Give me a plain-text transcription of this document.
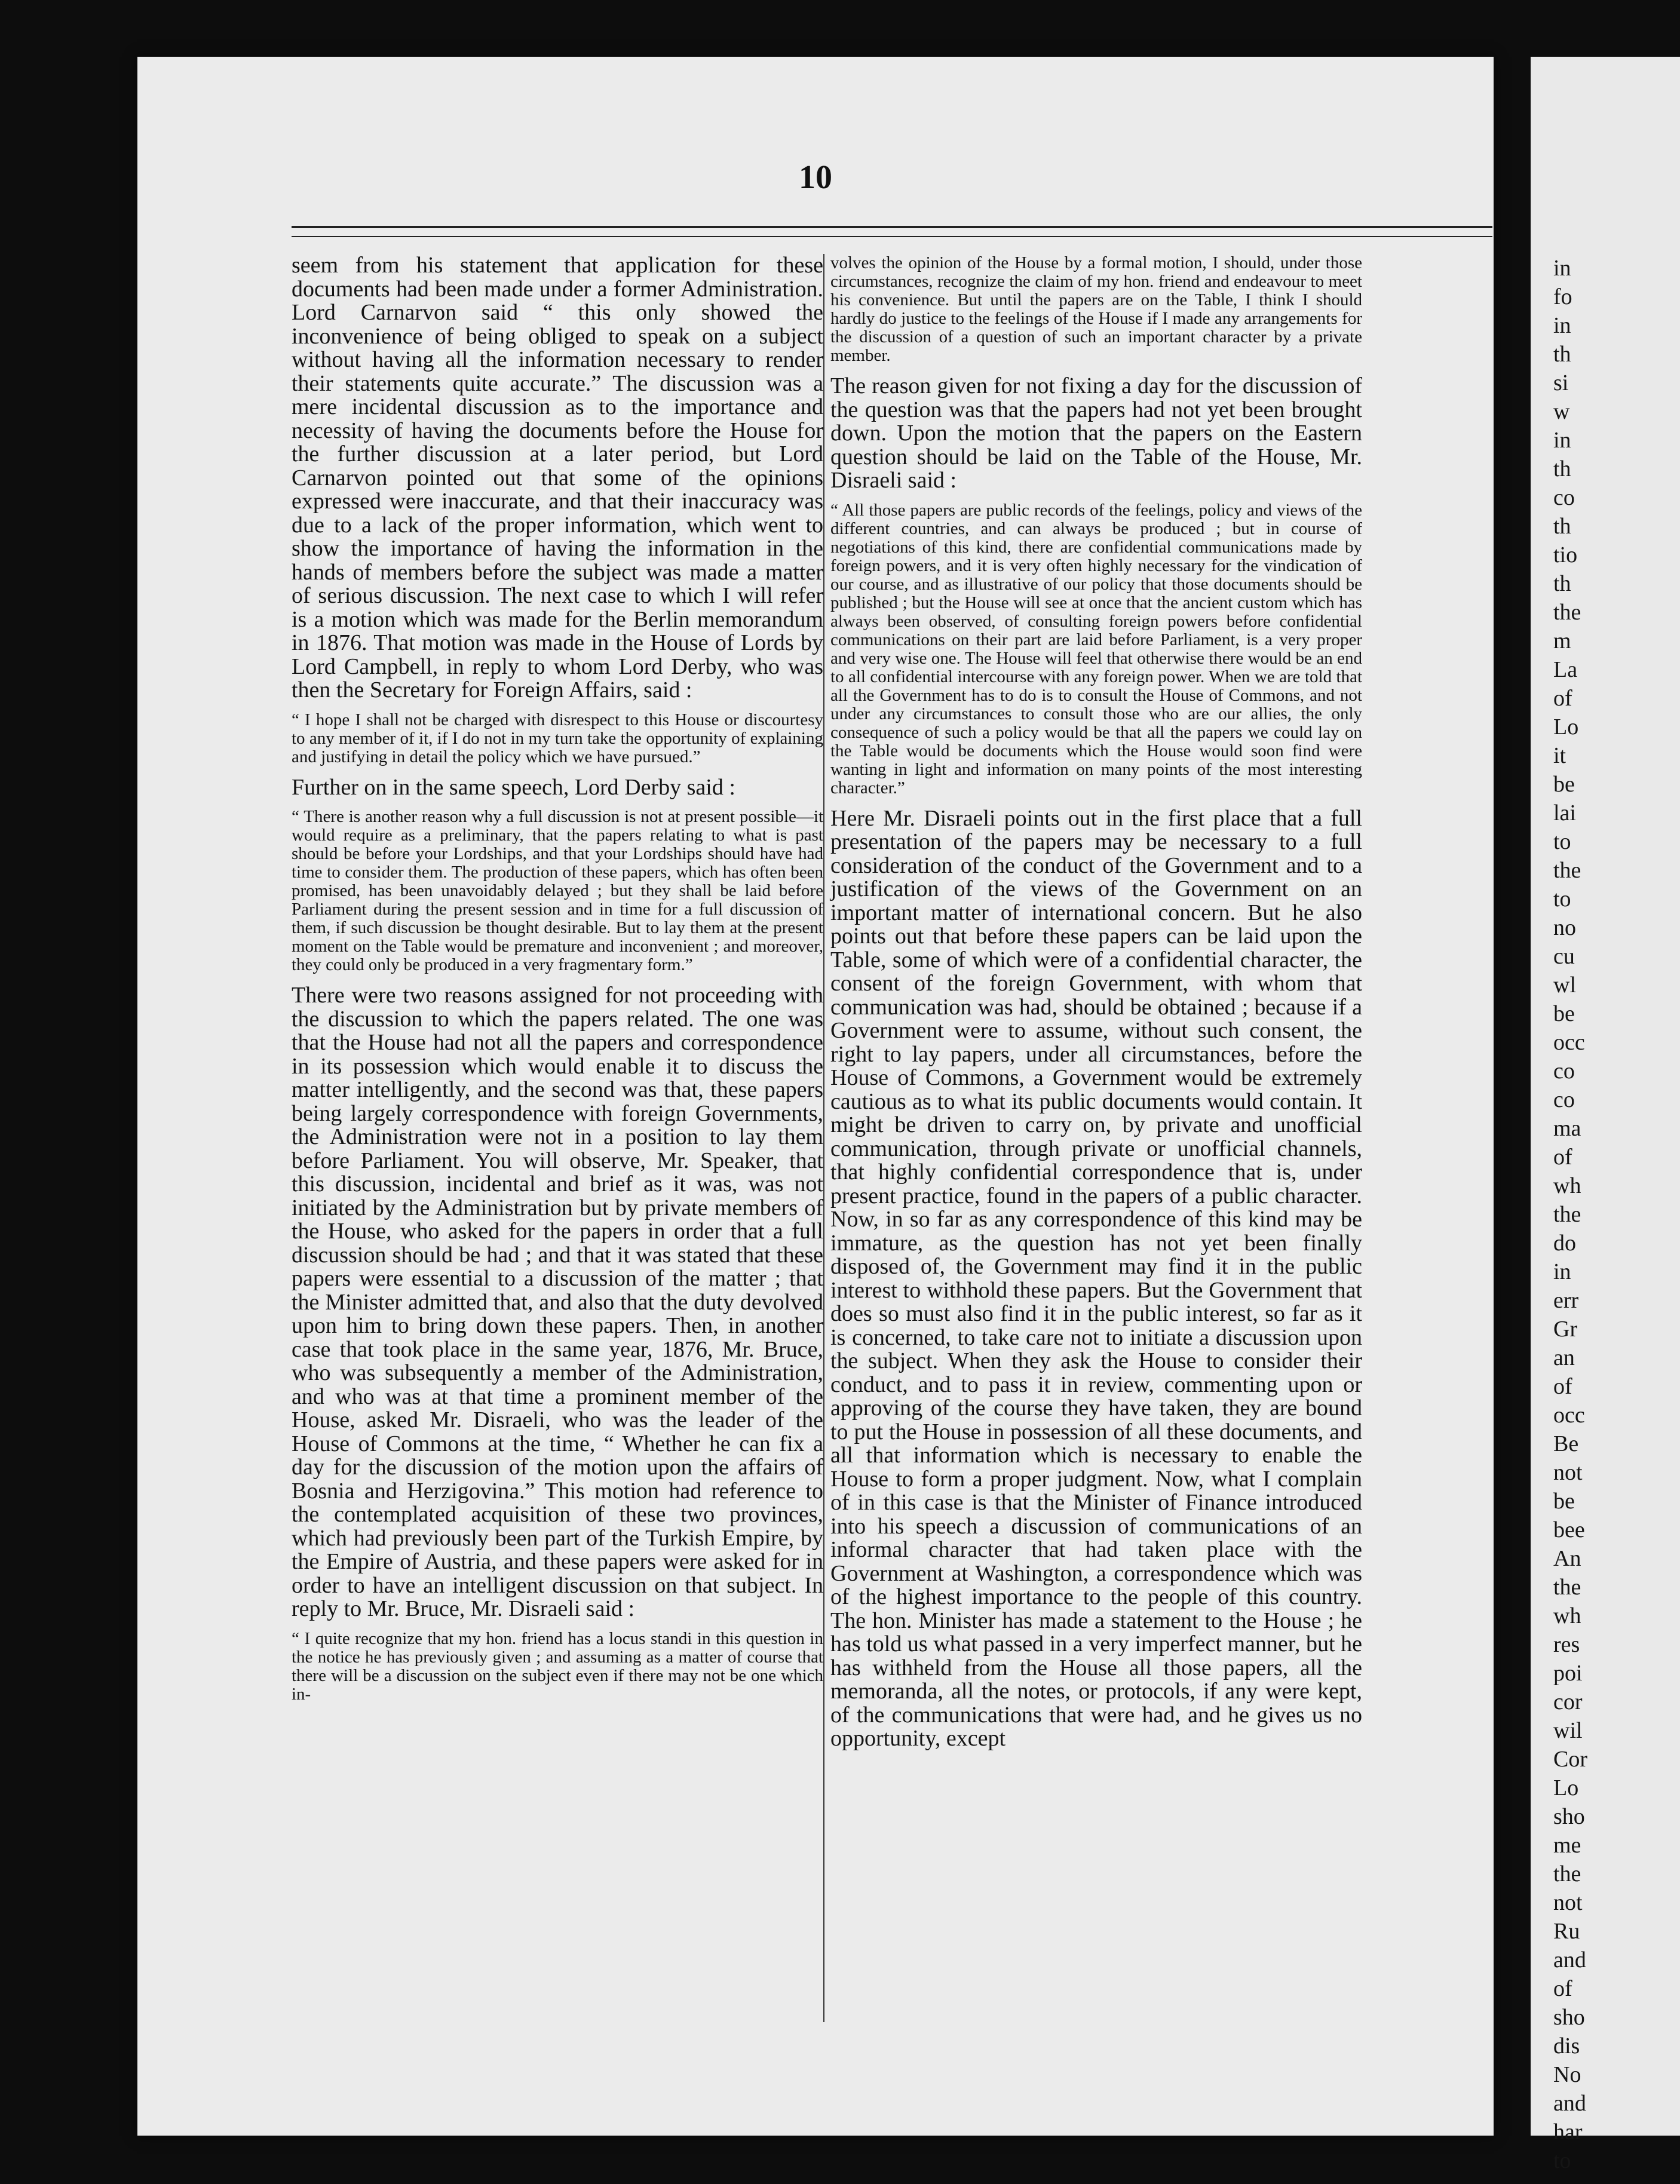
10

seem from his statement that application for these documents had been made under a former Administration. Lord Carnarvon said “ this only showed the inconvenience of being obliged to speak on a subject without having all the information necessary to render their statements quite accurate.” The discussion was a mere incidental discussion as to the importance and necessity of having the documents before the House for the further discussion at a later period, but Lord Carnarvon pointed out that some of the opinions expressed were inaccurate, and that their inaccuracy was due to a lack of the proper information, which went to show the importance of having the information in the hands of members before the subject was made a matter of serious discussion. The next case to which I will refer is a motion which was made for the Berlin memorandum in 1876. That motion was made in the House of Lords by Lord Campbell, in reply to whom Lord Derby, who was then the Secretary for Foreign Affairs, said :

“ I hope I shall not be charged with disrespect to this House or discourtesy to any member of it, if I do not in my turn take the opportunity of explaining and justifying in detail the policy which we have pursued.”

Further on in the same speech, Lord Derby said :

“ There is another reason why a full discussion is not at present possible—it would require as a preliminary, that the papers relating to what is past should be before your Lordships, and that your Lordships should have had time to consider them. The production of these papers, which has often been promised, has been unavoidably delayed ; but they shall be laid before Parliament during the present session and in time for a full discussion of them, if such discussion be thought desirable. But to lay them at the present moment on the Table would be premature and inconvenient ; and moreover, they could only be produced in a very fragmentary form.”

There were two reasons assigned for not proceeding with the discussion to which the papers related. The one was that the House had not all the papers and correspondence in its possession which would enable it to discuss the matter intelligently, and the second was that, these papers being largely correspondence with foreign Governments, the Administration were not in a position to lay them before Parliament. You will observe, Mr. Speaker, that this discussion, incidental and brief as it was, was not initiated by the Administration but by private members of the House, who asked for the papers in order that a full discussion should be had ; and that it was stated that these papers were essential to a discussion of the matter ; that the Minister admitted that, and also that the duty devolved upon him to bring down these papers. Then, in another case that took place in the same year, 1876, Mr. Bruce, who was subsequently a member of the Administration, and who was at that time a prominent member of the House, asked Mr. Disraeli, who was the leader of the House of Commons at the time, “ Whether he can fix a day for the discussion of the motion upon the affairs of Bosnia and Herzigovina.” This motion had reference to the contemplated acquisition of these two provinces, which had previously been part of the Turkish Empire, by the Empire of Austria, and these papers were asked for in order to have an intelligent discussion on that subject. In reply to Mr. Bruce, Mr. Disraeli said :

“ I quite recognize that my hon. friend has a locus standi in this question in the notice he has previously given ; and assuming as a matter of course that there will be a discussion on the subject even if there may not be one which in-

volves the opinion of the House by a formal motion, I should, under those circumstances, recognize the claim of my hon. friend and endeavour to meet his convenience. But until the papers are on the Table, I think I should hardly do justice to the feelings of the House if I made any arrangements for the discussion of a question of such an important character by a private member.

The reason given for not fixing a day for the discussion of the question was that the papers had not yet been brought down. Upon the motion that the papers on the Eastern question should be laid on the Table of the House, Mr. Disraeli said :

“ All those papers are public records of the feelings, policy and views of the different countries, and can always be produced ; but in course of negotiations of this kind, there are confidential communications made by foreign powers, and it is very often highly necessary for the vindication of our course, and as illustrative of our policy that those documents should be published ; but the House will see at once that the ancient custom which has always been observed, of consulting foreign powers before confidential communications on their part are laid before Parliament, is a very proper and very wise one. The House will feel that otherwise there would be an end to all confidential intercourse with any foreign power. When we are told that all the Government has to do is to consult the House of Commons, and not under any circumstances to consult those who are our allies, the only consequence of such a policy would be that all the papers we could lay on the Table would be documents which the House would soon find were wanting in light and information on many points of the most interesting character.”

Here Mr. Disraeli points out in the first place that a full presentation of the papers may be necessary to a full consideration of the conduct of the Government and to a justification of the views of the Government on an important matter of international concern. But he also points out that before these papers can be laid upon the Table, some of which were of a confidential character, the consent of the foreign Government, with whom that communication was had, should be obtained ; because if a Government were to assume, without such consent, the right to lay papers, under all circumstances, before the House of Commons, a Government would be extremely cautious as to what its public documents would contain. It might be driven to carry on, by private and unofficial communication, through private or unofficial channels, that highly confidential correspondence that is, under present practice, found in the papers of a public character. Now, in so far as any correspondence of this kind may be immature, as the question has not yet been finally disposed of, the Government may find it in the public interest to withhold these papers. But the Government that does so must also find it in the public interest, so far as it is concerned, to take care not to initiate a discussion upon the subject. When they ask the House to consider their conduct, and to pass it in review, commenting upon or approving of the course they have taken, they are bound to put the House in possession of all these documents, and all that information which is necessary to enable the House to form a proper judgment. Now, what I complain of in this case is that the Minister of Finance introduced into his speech a discussion of communications of an informal character that had taken place with the Government at Washington, a correspondence which was of the highest importance to the people of this country. The hon. Minister has made a statement to the House ; he has told us what passed in a very imperfect manner, but he has withheld from the House all those papers, all the memoranda, all the notes, or protocols, if any were kept, of the communications that were had, and he gives us no opportunity, except

in
fo
in
th
si
w
in
th
co
th
tio
th
the
m
La
of
Lo
it
be
lai
to
the
to
no
cu
wl
be
occ
co
co
ma
of
wh
the
do
in
err
Gr
an
of
occ
Be
not
be
bee
An
the
wh
res
poi
cor
wil
Cor
Lo
sho
me
the
not
Ru
and
of
sho
dis
No
and
har
to
